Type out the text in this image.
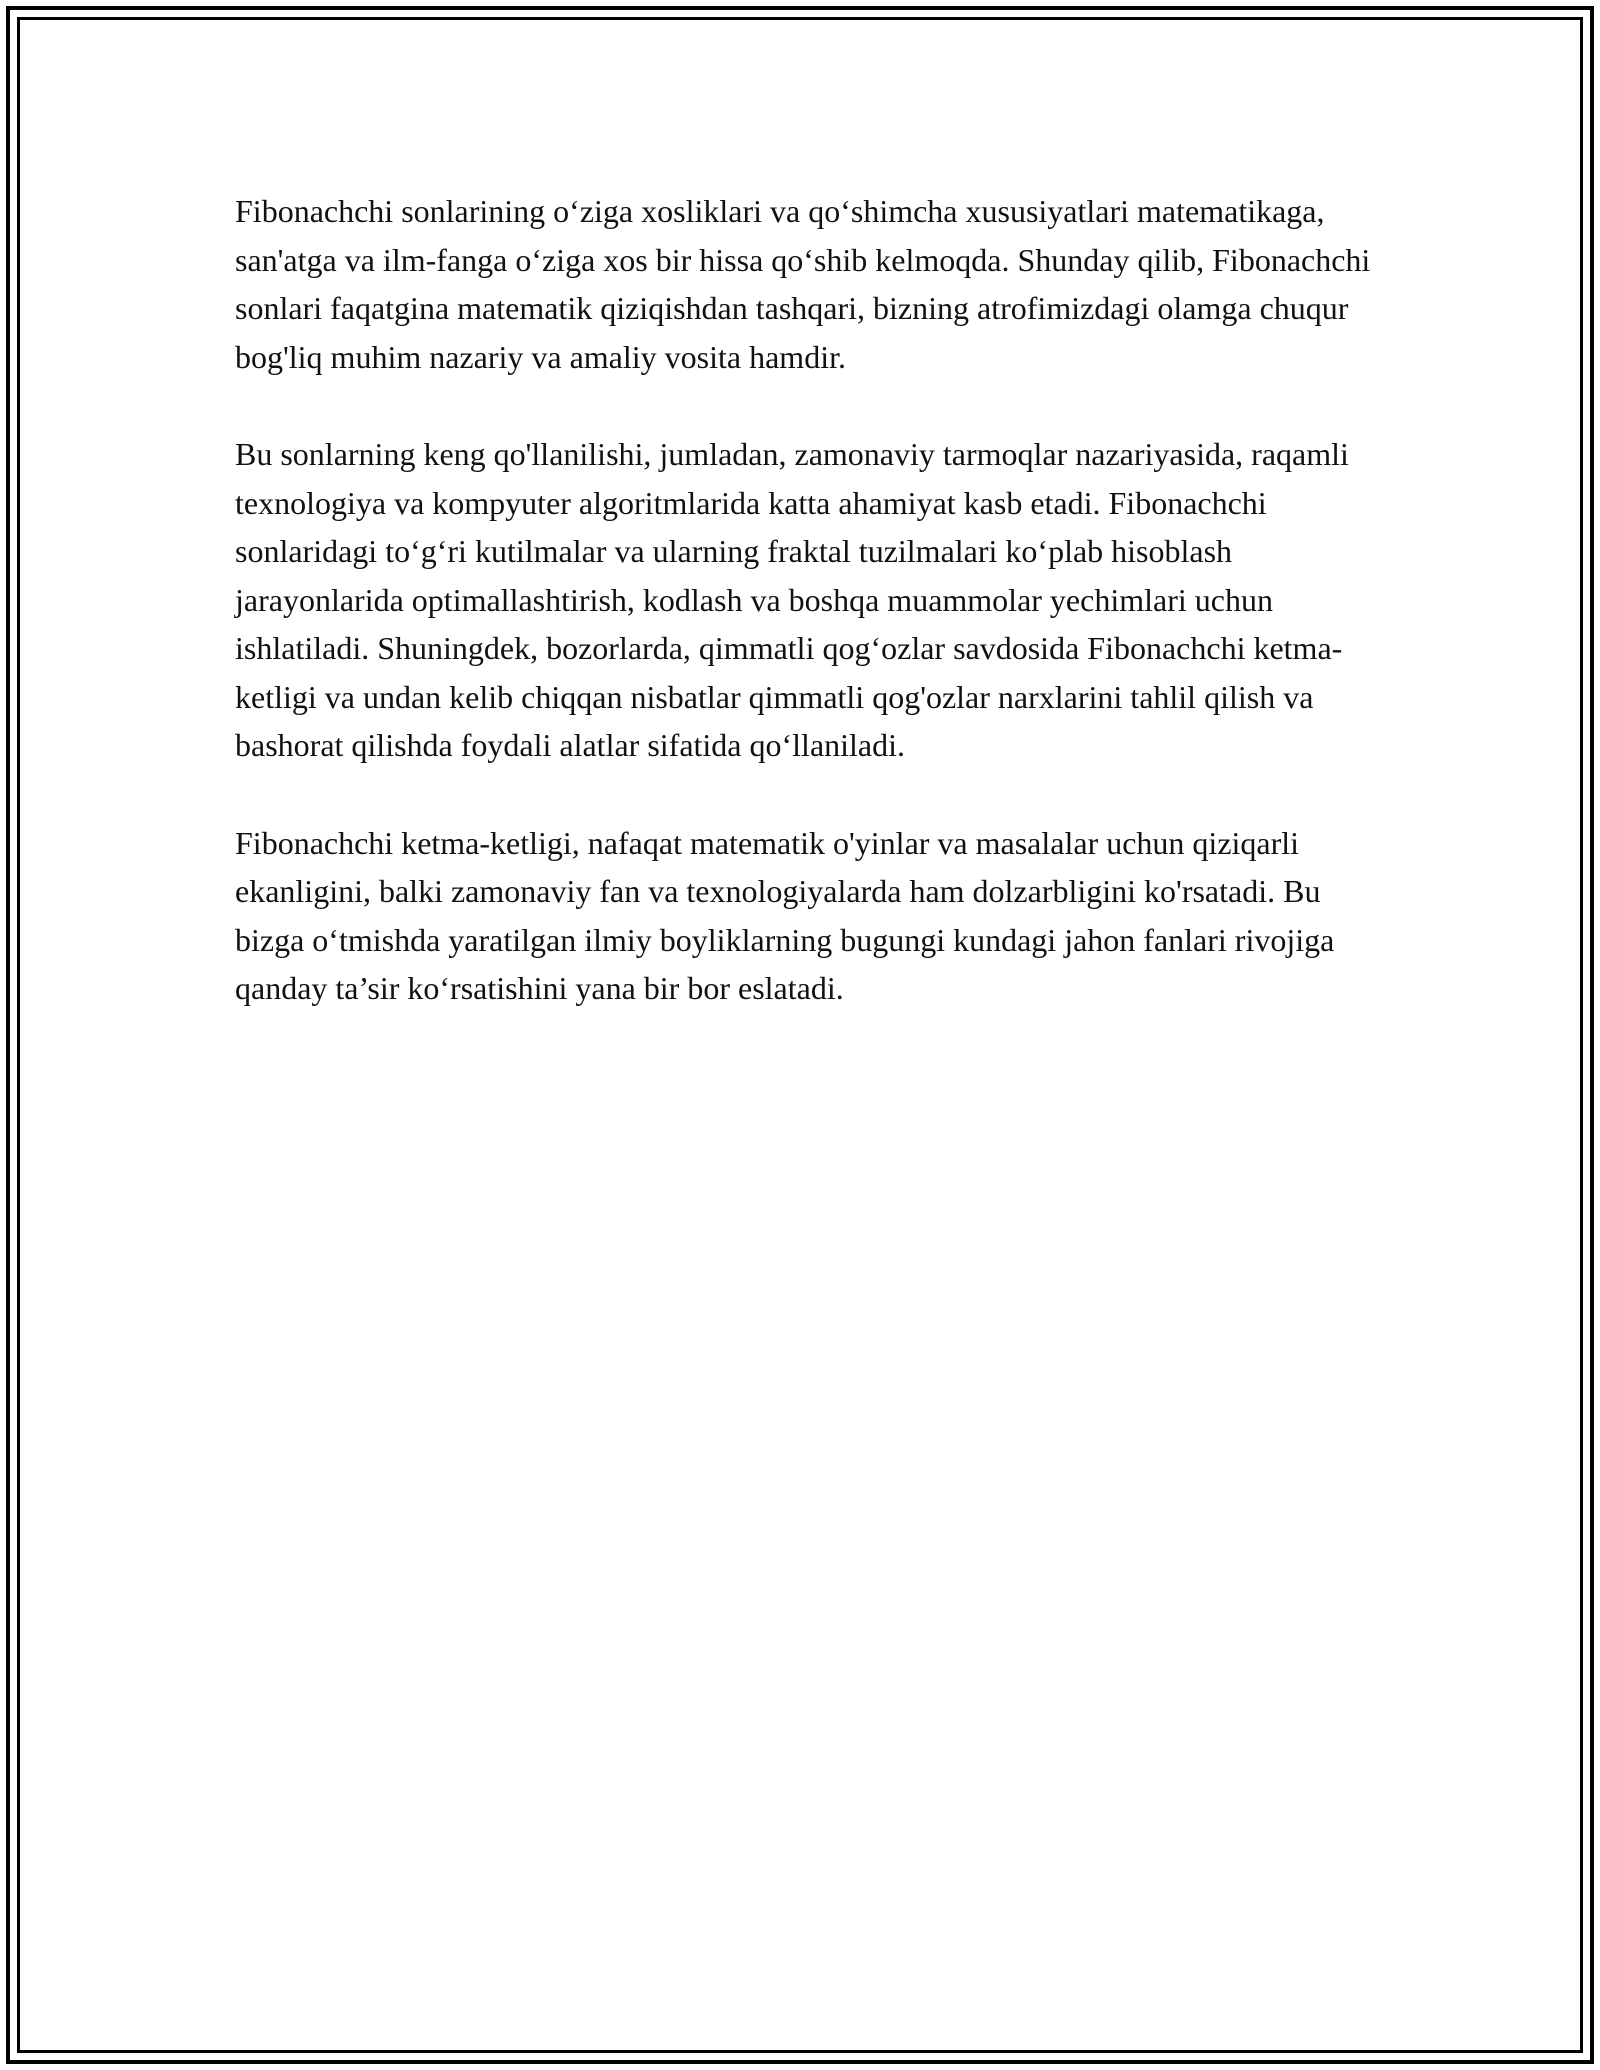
Fibonachchi sonlarining o‘ziga xosliklari va qo‘shimcha xususiyatlari matematikaga, san'atga va ilm-fanga o‘ziga xos bir hissa qo‘shib kelmoqda. Shunday qilib, Fibonachchi sonlari faqatgina matematik qiziqishdan tashqari, bizning atrofimizdagi olamga chuqur bog'liq muhim nazariy va amaliy vosita hamdir.

Bu sonlarning keng qo'llanilishi, jumladan, zamonaviy tarmoqlar nazariyasida, raqamli texnologiya va kompyuter algoritmlarida katta ahamiyat kasb etadi. Fibonachchi sonlaridagi to‘g‘ri kutilmalar va ularning fraktal tuzilmalari ko‘plab hisoblash jarayonlarida optimallashtirish, kodlash va boshqa muammolar yechimlari uchun ishlatiladi. Shuningdek, bozorlarda, qimmatli qog‘ozlar savdosida Fibonachchi ketma-ketligi va undan kelib chiqqan nisbatlar qimmatli qog'ozlar narxlarini tahlil qilish va bashorat qilishda foydali alatlar sifatida qo‘llaniladi.

Fibonachchi ketma-ketligi, nafaqat matematik o'yinlar va masalalar uchun qiziqarli ekanligini, balki zamonaviy fan va texnologiyalarda ham dolzarbligini ko'rsatadi. Bu bizga o‘tmishda yaratilgan ilmiy boyliklarning bugungi kundagi jahon fanlari rivojiga qanday ta’sir ko‘rsatishini yana bir bor eslatadi.
